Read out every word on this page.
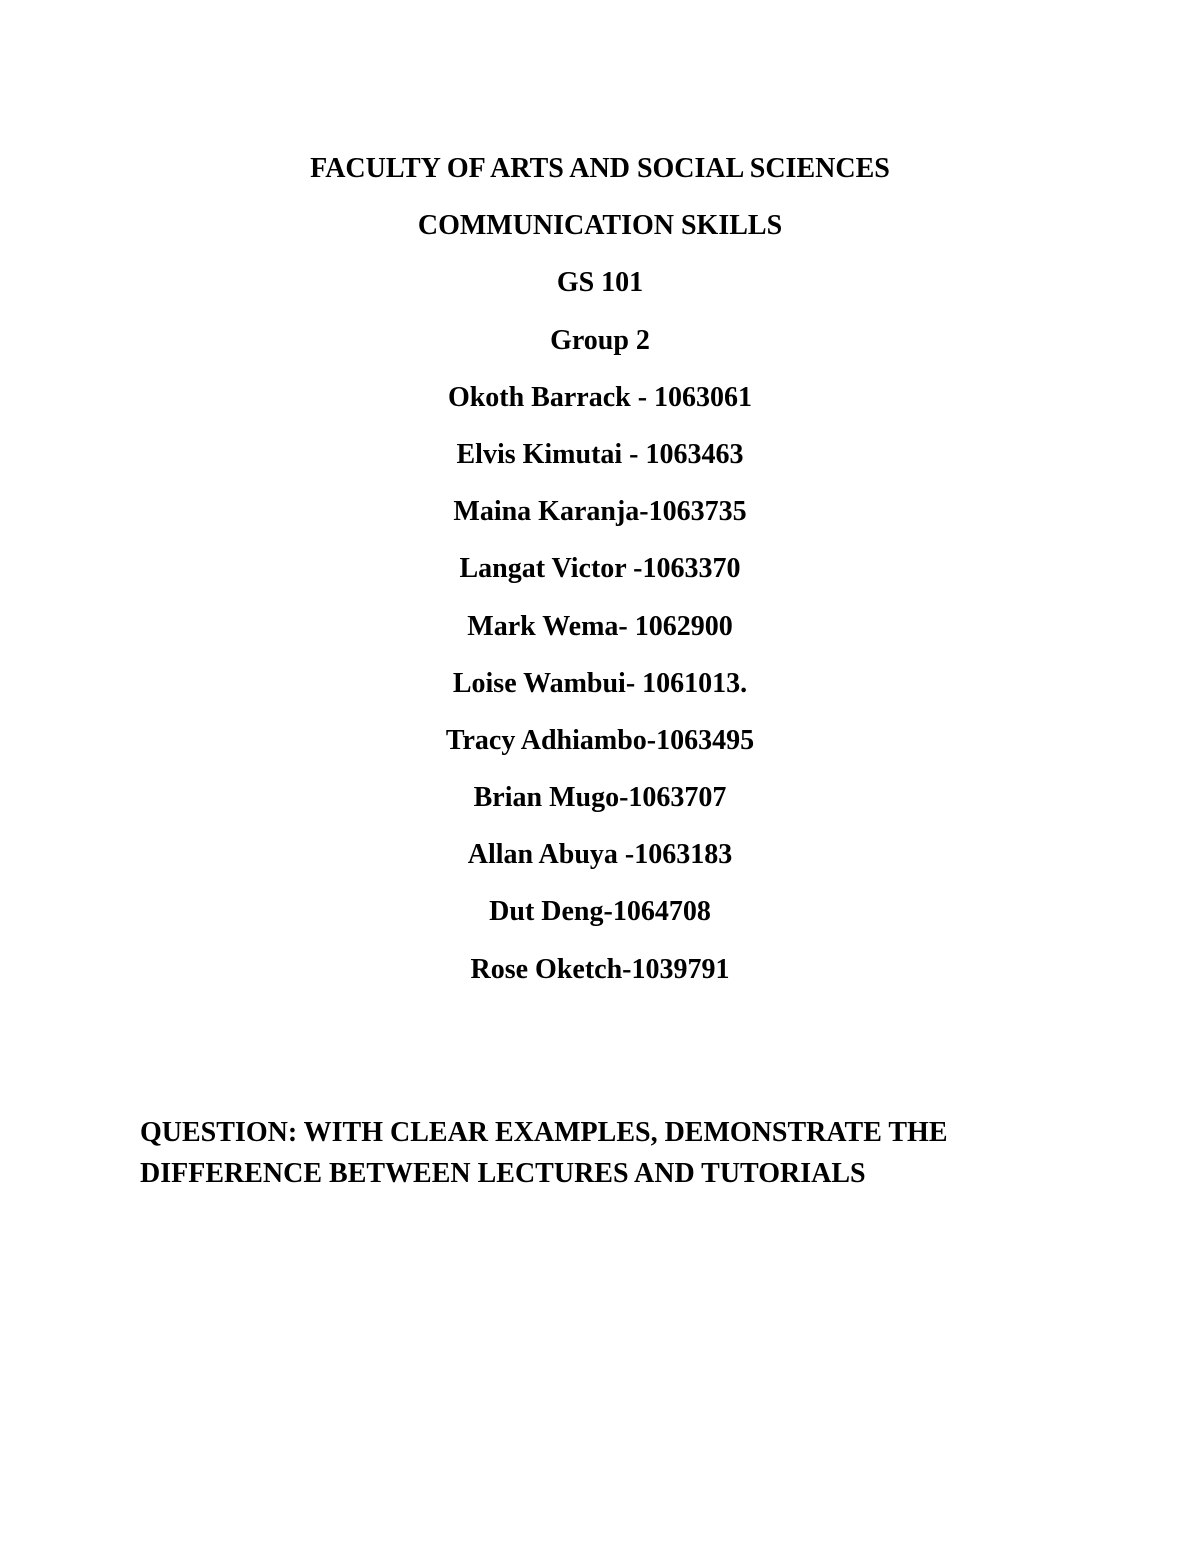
FACULTY OF ARTS AND SOCIAL SCIENCES
COMMUNICATION SKILLS
GS 101
Group 2
Okoth Barrack - 1063061
Elvis Kimutai - 1063463
Maina Karanja-1063735
Langat Victor -1063370
Mark Wema- 1062900
Loise Wambui- 1061013.
Tracy Adhiambo-1063495
Brian Mugo-1063707
Allan Abuya -1063183
Dut Deng-1064708
Rose Oketch-1039791
QUESTION: WITH CLEAR EXAMPLES, DEMONSTRATE THE
DIFFERENCE BETWEEN LECTURES AND TUTORIALS
